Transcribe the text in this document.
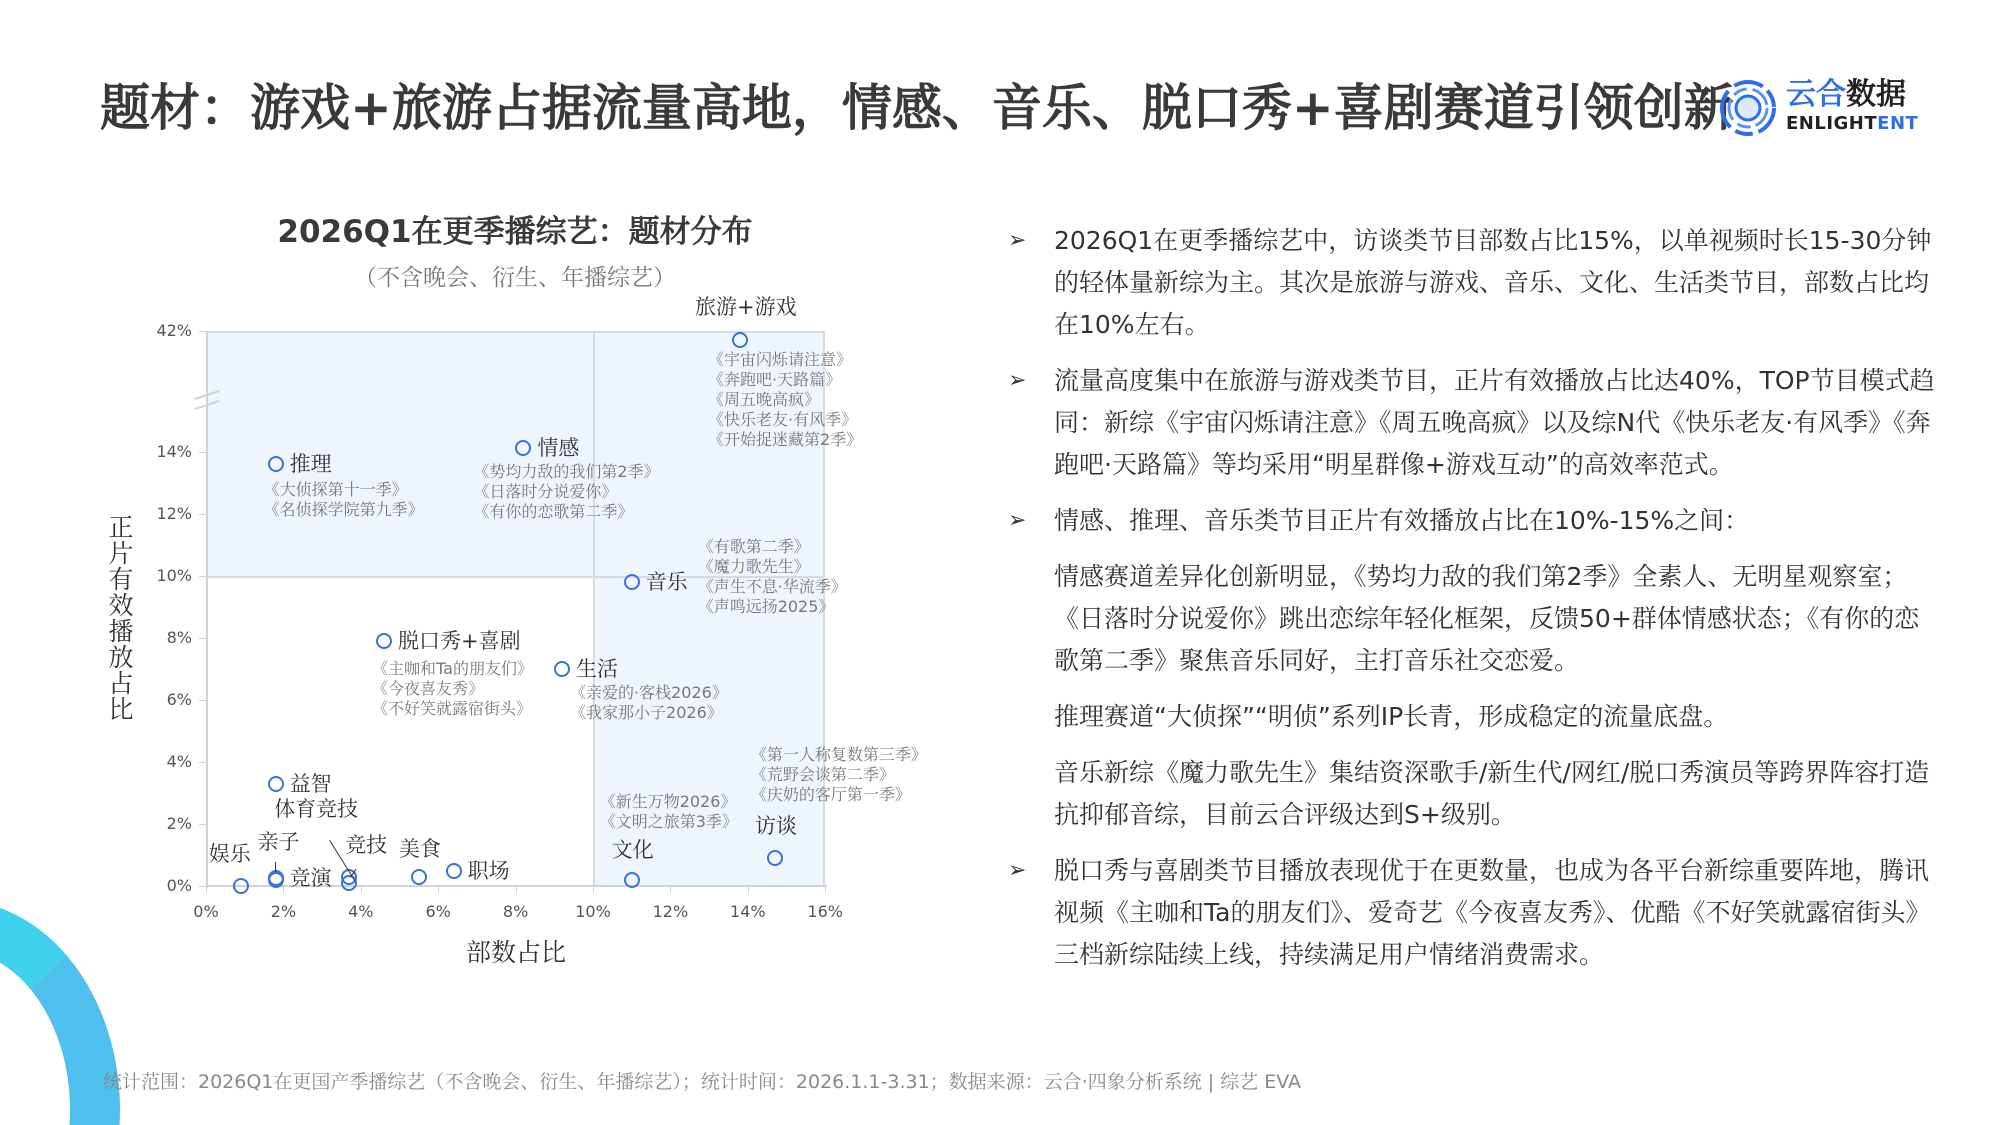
题材：游戏+旅游占据流量高地，情感、音乐、脱口秀+喜剧赛道引领创新 云合数据
ENLIGHTENT
2026Q1在更季播综艺：题材分布
（不含晚会、衍生、年播综艺）
0%
2%
4%
6%
8%
10%
12%
14%
42%
0%	2%	4%	6%	8%	10%	12%	14%	16%
正
片
有
效
播
放
占
比
部数占比
旅游+游戏
《宇宙闪烁请注意》
《奔跑吧·天路篇》
《周五晚高疯》
《快乐老友·有风季》
《开始捉迷藏第2季》
情感
《势均力敌的我们第2季》
《日落时分说爱你》
《有你的恋歌第二季》
推理
《大侦探第十一季》
《名侦探学院第九季》
音乐
《有歌第二季》
《魔力歌先生》
《声生不息·华流季》
《声鸣远扬2025》
脱口秀+喜剧
《主咖和Ta的朋友们》
《今夜喜友秀》
《不好笑就露宿街头》
生活
《亲爱的·客栈2026》
《我家那小子2026》
益智
访谈
《第一人称复数第三季》
《荒野会谈第二季》
《庆奶的客厅第一季》
文化
《新生万物2026》
《文明之旅第3季》
职场
美食
竞技
体育竞技
竞演
亲子
娱乐
➢ 2026Q1在更季播综艺中，访谈类节目部数占比15%，以单视频时长15-30分钟的轻体量新综为主。其次是旅游与游戏、音乐、文化、生活类节目，部数占比均在10%左右。
➢ 流量高度集中在旅游与游戏类节目，正片有效播放占比达40%，TOP节目模式趋同：新综《宇宙闪烁请注意》《周五晚高疯》以及综N代《快乐老友·有风季》《奔跑吧·天路篇》等均采用“明星群像+游戏互动”的高效率范式。
➢ 情感、推理、音乐类节目正片有效播放占比在10%-15%之间：
情感赛道差异化创新明显，《势均力敌的我们第2季》全素人、无明星观察室；《日落时分说爱你》跳出恋综年轻化框架，反馈50+群体情感状态；《有你的恋歌第二季》聚焦音乐同好，主打音乐社交恋爱。
推理赛道“大侦探”“明侦”系列IP长青，形成稳定的流量底盘。
音乐新综《魔力歌先生》集结资深歌手/新生代/网红/脱口秀演员等跨界阵容打造抗抑郁音综，目前云合评级达到S+级别。
➢ 脱口秀与喜剧类节目播放表现优于在更数量，也成为各平台新综重要阵地，腾讯视频《主咖和Ta的朋友们》、爱奇艺《今夜喜友秀》、优酷《不好笑就露宿街头》三档新综陆续上线，持续满足用户情绪消费需求。
统计范围：2026Q1在更国产季播综艺（不含晚会、衍生、年播综艺）；统计时间：2026.1.1-3.31；数据来源：云合·四象分析系统 | 综艺 EVA
